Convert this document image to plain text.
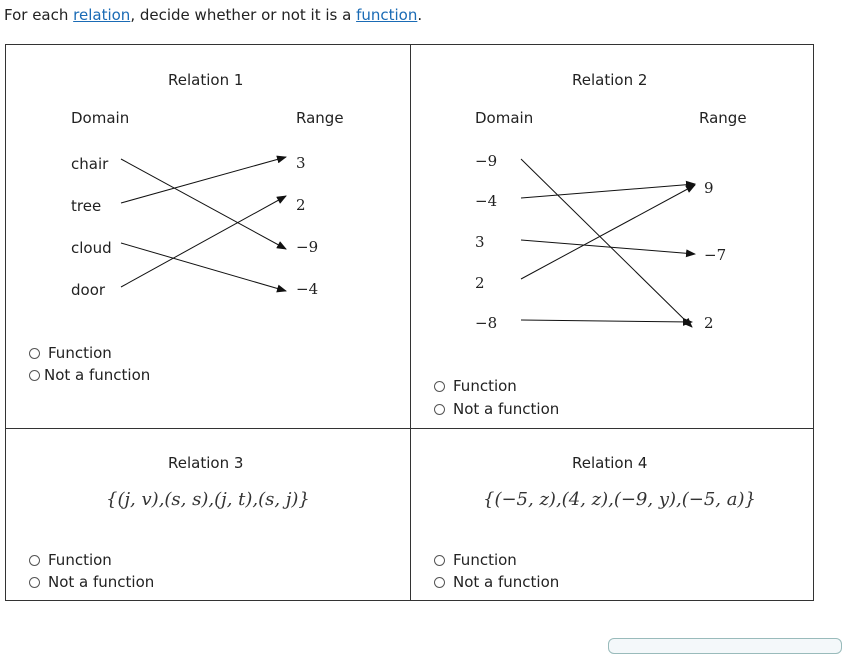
For each relation, decide whether or not it is a function.
Relation 1
Domain	Range
chair
tree
cloud
door
3
2
−9
−4
Function
Not a function
Relation 2
Domain	Range
−9
−4
3
2
−8
9
−7
2
Function
Not a function
Relation 3
{(j, v),(s, s),(j, t),(s, j)}
Function
Not a function
Relation 4
{(−5, z),(4, z),(−9, y),(−5, a)}
Function
Not a function
